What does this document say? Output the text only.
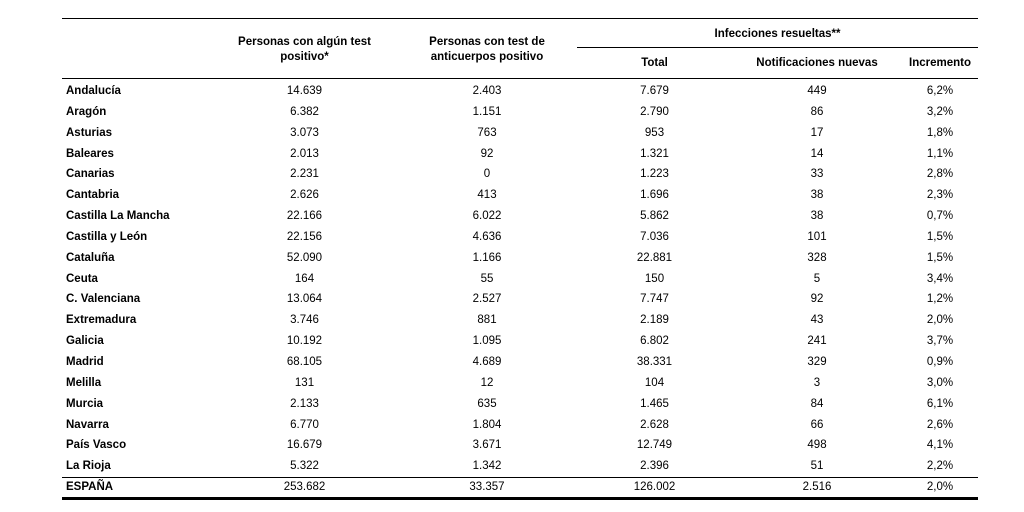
	Personas con algún test positivo*	Personas con test de anticuerpos positivo	Infecciones resueltas**		
			Total	Notificaciones nuevas	Incremento

Andalucía	14.639	2.403	7.679	449	6,2%
Aragón	6.382	1.151	2.790	86	3,2%
Asturias	3.073	763	953	17	1,8%
Baleares	2.013	92	1.321	14	1,1%
Canarias	2.231	0	1.223	33	2,8%
Cantabria	2.626	413	1.696	38	2,3%
Castilla La Mancha	22.166	6.022	5.862	38	0,7%
Castilla y León	22.156	4.636	7.036	101	1,5%
Cataluña	52.090	1.166	22.881	328	1,5%
Ceuta	164	55	150	5	3,4%
C. Valenciana	13.064	2.527	7.747	92	1,2%
Extremadura	3.746	881	2.189	43	2,0%
Galicia	10.192	1.095	6.802	241	3,7%
Madrid	68.105	4.689	38.331	329	0,9%
Melilla	131	12	104	3	3,0%
Murcia	2.133	635	1.465	84	6,1%
Navarra	6.770	1.804	2.628	66	2,6%
País Vasco	16.679	3.671	12.749	498	4,1%
La Rioja	5.322	1.342	2.396	51	2,2%
ESPAÑA	253.682	33.357	126.002	2.516	2,0%
